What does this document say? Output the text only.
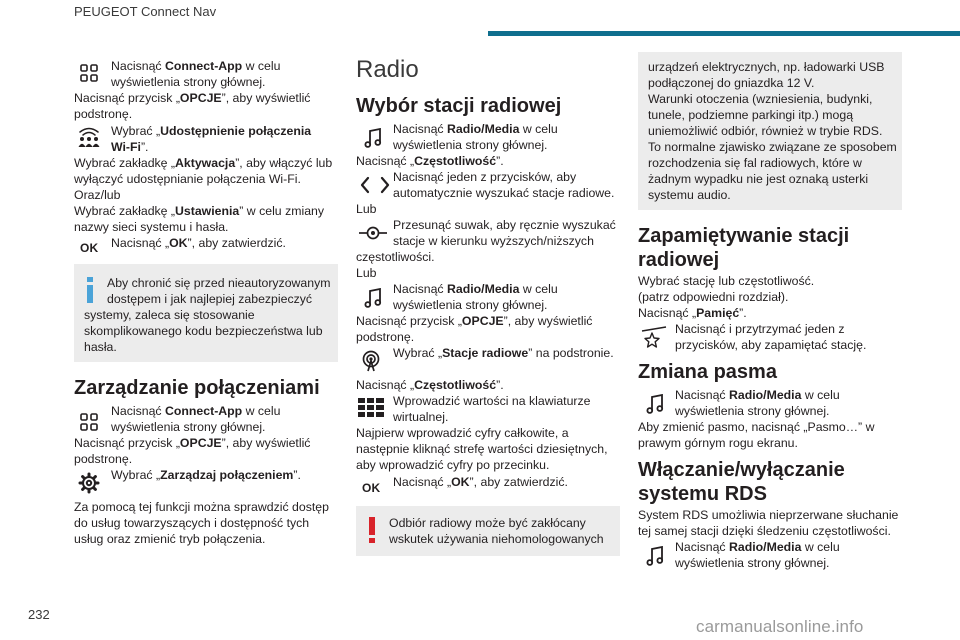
PEUGEOT Connect Nav
232
carmanualsonline.info
Nacisnąć Connect-App w celu
wyświetlenia strony głównej.
Nacisnąć przycisk „OPCJE”, aby wyświetlić
podstronę.
Wybrać „Udostępnienie połączenia
Wi-Fi”.
Wybrać zakładkę „Aktywacja”, aby włączyć lub
wyłączyć udostępnianie połączenia Wi-Fi.
Oraz/lub
Wybrać zakładkę „Ustawienia” w celu zmiany
nazwy sieci systemu i hasła.
OK Nacisnąć „OK”, aby zatwierdzić.
Aby chronić się przed nieautoryzowanym
dostępem i jak najlepiej zabezpieczyć
systemy, zaleca się stosowanie
skomplikowanego kodu bezpieczeństwa lub
hasła.
Zarządzanie połączeniami
Nacisnąć Connect-App w celu
wyświetlenia strony głównej.
Nacisnąć przycisk „OPCJE”, aby wyświetlić
podstronę.
Wybrać „Zarządzaj połączeniem”.
Za pomocą tej funkcji można sprawdzić dostęp
do usług towarzyszących i dostępność tych
usług oraz zmienić tryb połączenia.
Radio
Wybór stacji radiowej
Nacisnąć Radio/Media w celu
wyświetlenia strony głównej.
Nacisnąć „Częstotliwość”.
Nacisnąć jeden z przycisków, aby
automatycznie wyszukać stacje radiowe.
Lub
Przesunąć suwak, aby ręcznie wyszukać
stacje w kierunku wyższych/niższych
częstotliwości.
Lub
Nacisnąć Radio/Media w celu
wyświetlenia strony głównej.
Nacisnąć przycisk „OPCJE”, aby wyświetlić
podstronę.
Wybrać „Stacje radiowe” na podstronie.
Nacisnąć „Częstotliwość”.
Wprowadzić wartości na klawiaturze
wirtualnej.
Najpierw wprowadzić cyfry całkowite, a
następnie kliknąć strefę wartości dziesiętnych,
aby wprowadzić cyfry po przecinku.
OK Nacisnąć „OK”, aby zatwierdzić.
Odbiór radiowy może być zakłócany
wskutek używania niehomologowanych
urządzeń elektrycznych, np. ładowarki USB
podłączonej do gniazdka 12 V.
Warunki otoczenia (wzniesienia, budynki,
tunele, podziemne parkingi itp.) mogą
uniemożliwić odbiór, również w trybie RDS.
To normalne zjawisko związane ze sposobem
rozchodzenia się fal radiowych, które w
żadnym wypadku nie jest oznaką usterki
systemu audio.
Zapamiętywanie stacji
radiowej
Wybrać stację lub częstotliwość.
(patrz odpowiedni rozdział).
Nacisnąć „Pamięć”.
Nacisnąć i przytrzymać jeden z
przycisków, aby zapamiętać stację.
Zmiana pasma
Nacisnąć Radio/Media w celu
wyświetlenia strony głównej.
Aby zmienić pasmo, nacisnąć „Pasmo…” w
prawym górnym rogu ekranu.
Włączanie/wyłączanie
systemu RDS
System RDS umożliwia nieprzerwane słuchanie
tej samej stacji dzięki śledzeniu częstotliwości.
Nacisnąć Radio/Media w celu
wyświetlenia strony głównej.
